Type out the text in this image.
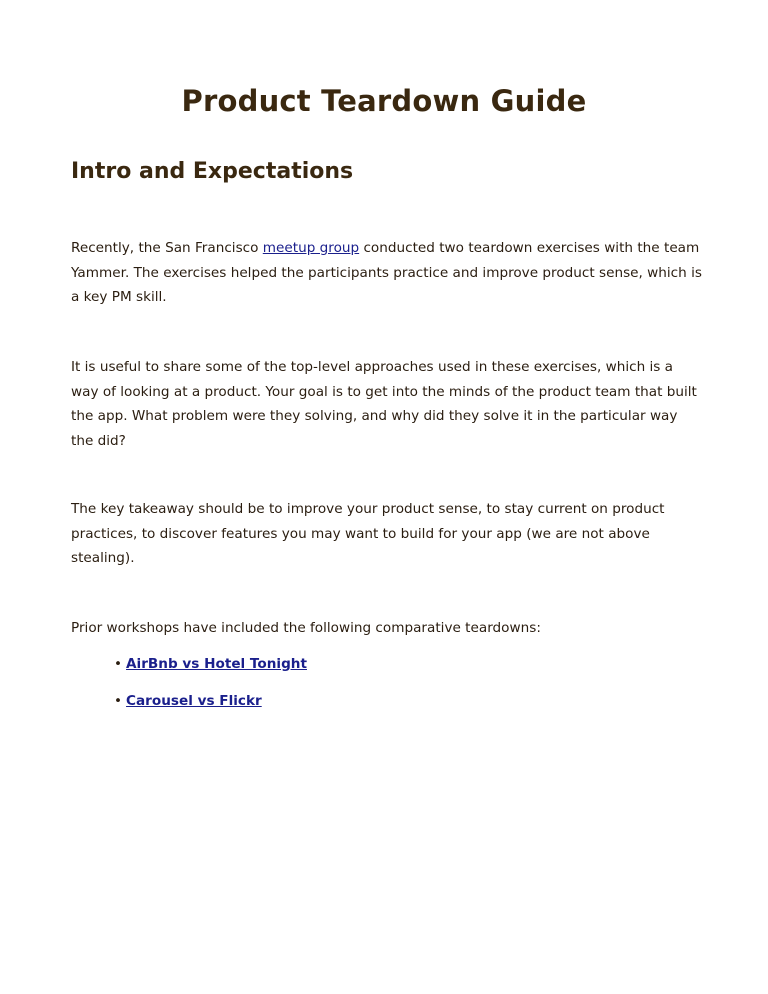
Product Teardown Guide
Intro and Expectations

Recently, the San Francisco meetup group conducted two teardown exercises with the team Yammer. The exercises helped the participants practice and improve product sense, which is a key PM skill.

It is useful to share some of the top-level approaches used in these exercises, which is a way of looking at a product. Your goal is to get into the minds of the product team that built the app. What problem were they solving, and why did they solve it in the particular way the did?

The key takeaway should be to improve your product sense, to stay current on product practices, to discover features you may want to build for your app (we are not above stealing).

Prior workshops have included the following comparative teardowns:

• AirBnb vs Hotel Tonight
• Carousel vs Flickr
